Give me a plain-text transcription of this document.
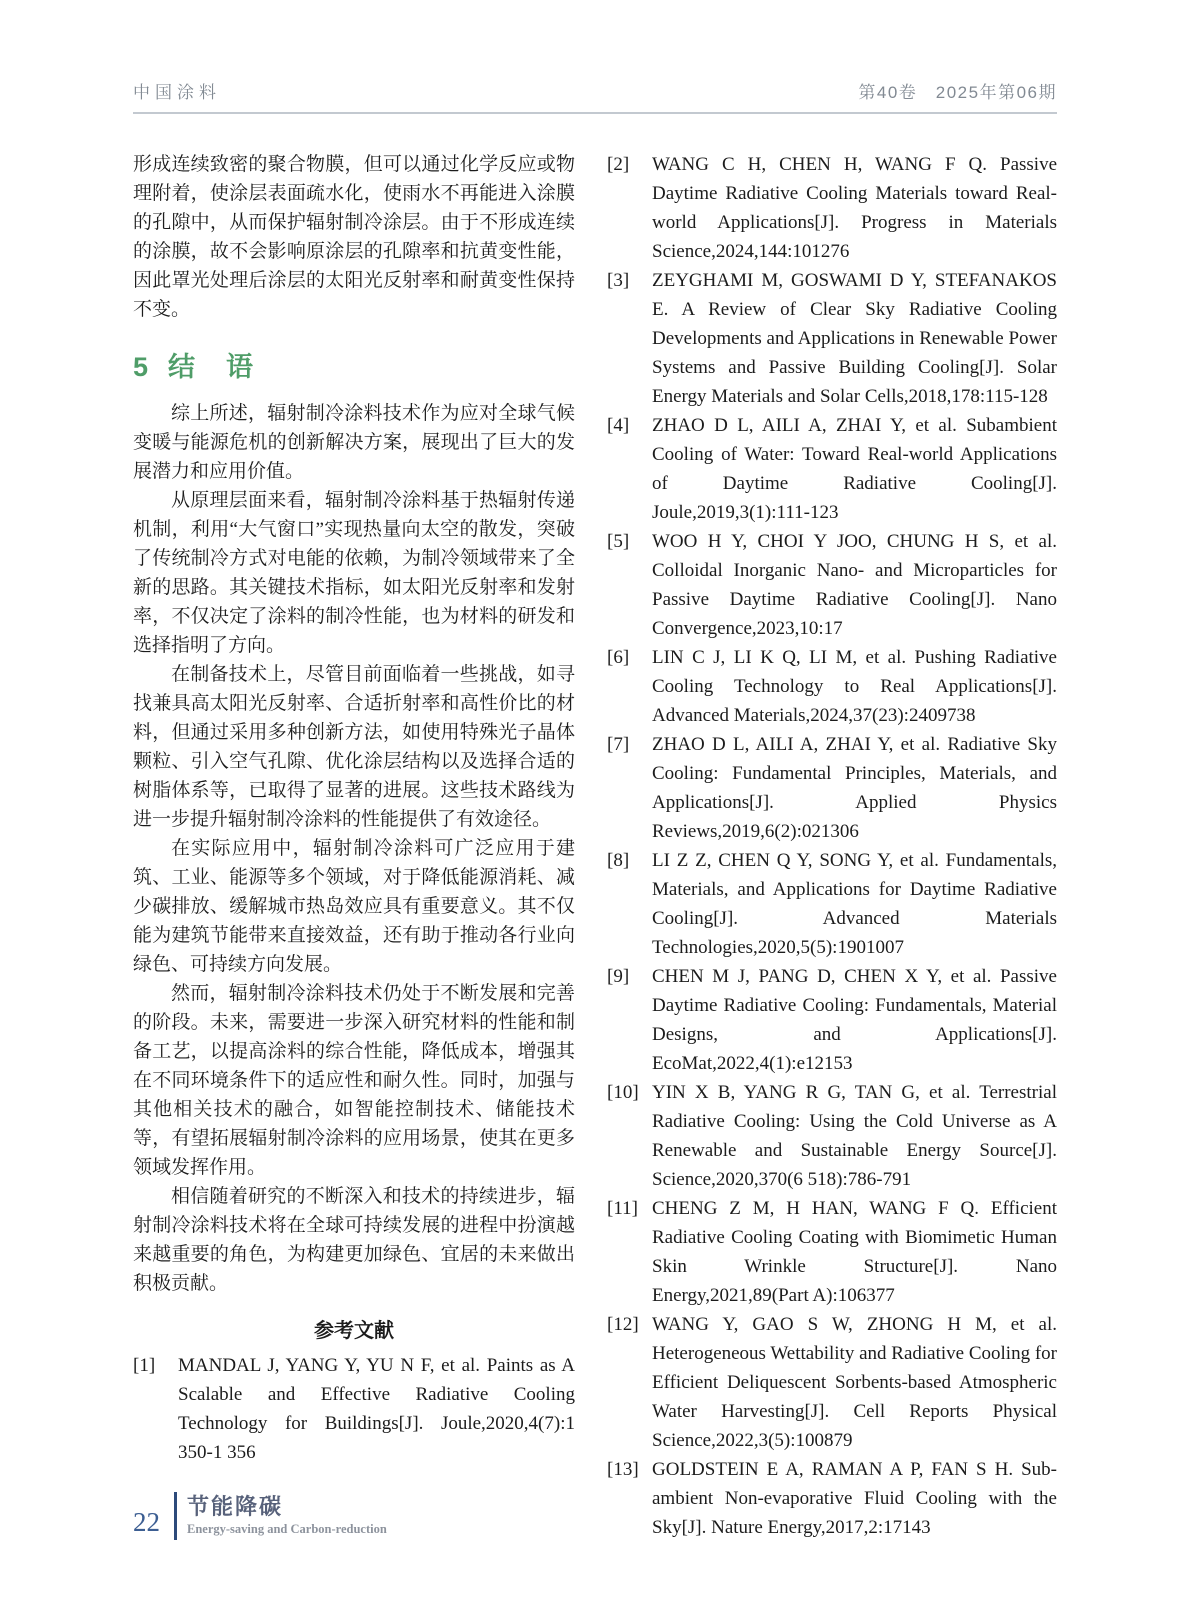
中国涂料	第40卷　2025年第06期

形成连续致密的聚合物膜，但可以通过化学反应或物理附着，使涂层表面疏水化，使雨水不再能进入涂膜的孔隙中，从而保护辐射制冷涂层。由于不形成连续的涂膜，故不会影响原涂层的孔隙率和抗黄变性能，因此罩光处理后涂层的太阳光反射率和耐黄变性保持不变。

5 结　语

综上所述，辐射制冷涂料技术作为应对全球气候变暖与能源危机的创新解决方案，展现出了巨大的发展潜力和应用价值。

从原理层面来看，辐射制冷涂料基于热辐射传递机制，利用“大气窗口”实现热量向太空的散发，突破了传统制冷方式对电能的依赖，为制冷领域带来了全新的思路。其关键技术指标，如太阳光反射率和发射率，不仅决定了涂料的制冷性能，也为材料的研发和选择指明了方向。

在制备技术上，尽管目前面临着一些挑战，如寻找兼具高太阳光反射率、合适折射率和高性价比的材料，但通过采用多种创新方法，如使用特殊光子晶体颗粒、引入空气孔隙、优化涂层结构以及选择合适的树脂体系等，已取得了显著的进展。这些技术路线为进一步提升辐射制冷涂料的性能提供了有效途径。

在实际应用中，辐射制冷涂料可广泛应用于建筑、工业、能源等多个领域，对于降低能源消耗、减少碳排放、缓解城市热岛效应具有重要意义。其不仅能为建筑节能带来直接效益，还有助于推动各行业向绿色、可持续方向发展。

然而，辐射制冷涂料技术仍处于不断发展和完善的阶段。未来，需要进一步深入研究材料的性能和制备工艺，以提高涂料的综合性能，降低成本，增强其在不同环境条件下的适应性和耐久性。同时，加强与其他相关技术的融合，如智能控制技术、储能技术等，有望拓展辐射制冷涂料的应用场景，使其在更多领域发挥作用。

相信随着研究的不断深入和技术的持续进步，辐射制冷涂料技术将在全球可持续发展的进程中扮演越来越重要的角色，为构建更加绿色、宜居的未来做出积极贡献。

参考文献
[1]	MANDAL J, YANG Y, YU N F, et al. Paints as A Scalable and Effective Radiative Cooling Technology for Buildings[J]. Joule,2020,4(7):1 350-1 356
[2]	WANG C H, CHEN H, WANG F Q. Passive Daytime Radiative Cooling Materials toward Real-world Applications[J]. Progress in Materials Science,2024,144:101276
[3]	ZEYGHAMI M, GOSWAMI D Y, STEFANAKOS E. A Review of Clear Sky Radiative Cooling Developments and Applications in Renewable Power Systems and Passive Building Cooling[J]. Solar Energy Materials and Solar Cells,2018,178:115-128
[4]	ZHAO D L, AILI A, ZHAI Y, et al. Subambient Cooling of Water: Toward Real-world Applications of Daytime Radiative Cooling[J]. Joule,2019,3(1):111-123
[5]	WOO H Y, CHOI Y JOO, CHUNG H S, et al. Colloidal Inorganic Nano- and Microparticles for Passive Daytime Radiative Cooling[J]. Nano Convergence,2023,10:17
[6]	LIN C J, LI K Q, LI M, et al. Pushing Radiative Cooling Technology to Real Applications[J]. Advanced Materials,2024,37(23):2409738
[7]	ZHAO D L, AILI A, ZHAI Y, et al. Radiative Sky Cooling: Fundamental Principles, Materials, and Applications[J]. Applied Physics Reviews,2019,6(2):021306
[8]	LI Z Z, CHEN Q Y, SONG Y, et al. Fundamentals, Materials, and Applications for Daytime Radiative Cooling[J]. Advanced Materials Technologies,2020,5(5):1901007
[9]	CHEN M J, PANG D, CHEN X Y, et al. Passive Daytime Radiative Cooling: Fundamentals, Material Designs, and Applications[J]. EcoMat,2022,4(1):e12153
[10] YIN X B, YANG R G, TAN G, et al. Terrestrial Radiative Cooling: Using the Cold Universe as A Renewable and Sustainable Energy Source[J]. Science,2020,370(6 518):786-791
[11] CHENG Z M, H HAN, WANG F Q. Efficient Radiative Cooling Coating with Biomimetic Human Skin Wrinkle Structure[J]. Nano Energy,2021,89(Part A):106377
[12] WANG Y, GAO S W, ZHONG H M, et al. Heterogeneous Wettability and Radiative Cooling for Efficient Deliquescent Sorbents-based Atmospheric Water Harvesting[J]. Cell Reports Physical Science,2022,3(5):100879
[13] GOLDSTEIN E A, RAMAN A P, FAN S H. Sub-ambient Non-evaporative Fluid Cooling with the Sky[J]. Nature Energy,2017,2:17143
22
节能降碳
Energy-saving and Carbon-reduction
